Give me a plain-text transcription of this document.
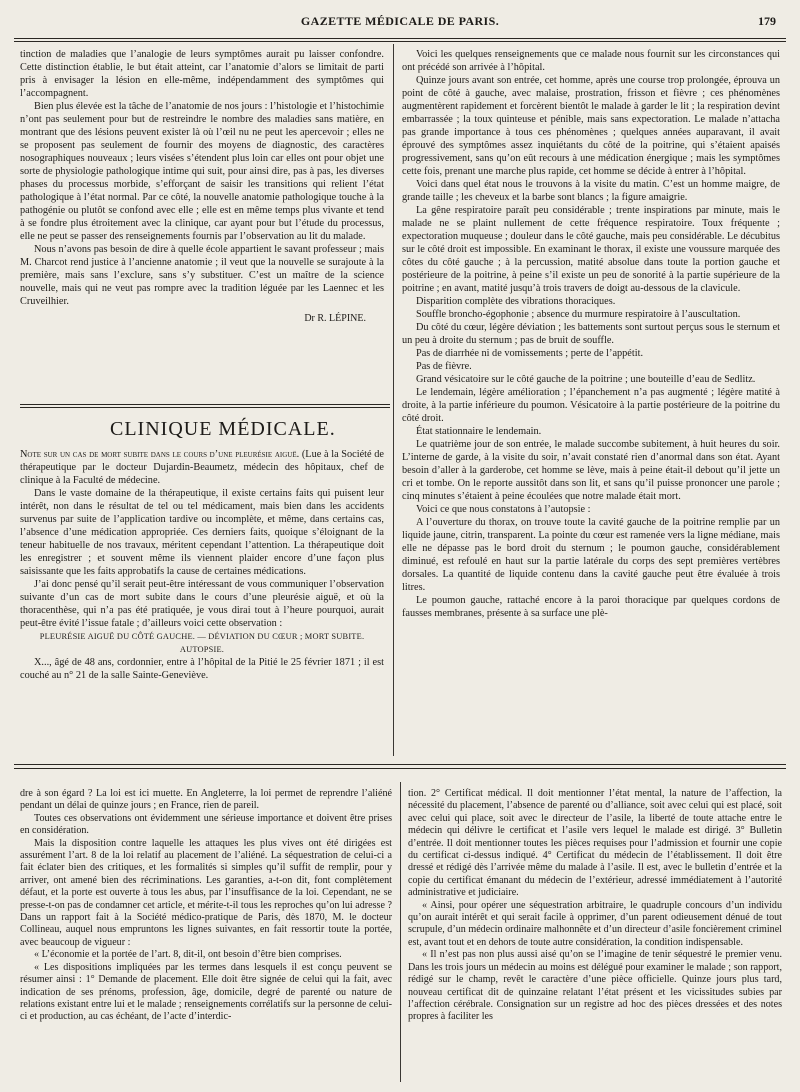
GAZETTE MÉDICALE DE PARIS.	179

tinction de maladies que l’analogie de leurs symptômes aurait pu laisser confondre. Cette distinction établie, le but était atteint, car l’anatomie d’alors se limitait de parti pris à envisager la lésion en elle-même, indépendamment des symptômes qui l’accompagnent.

Bien plus élevée est la tâche de l’anatomie de nos jours : l’histologie et l’histochimie n’ont pas seulement pour but de restreindre le nombre des maladies sans matière, en montrant que des lésions peuvent exister là où l’œil nu ne peut les apercevoir ; elles ne se proposent pas seulement de fournir des moyens de diagnostic, des caractères nosographiques nouveaux ; leurs visées s’étendent plus loin car elles ont pour objet une sorte de physiologie pathologique intime qui suit, pour ainsi dire, pas à pas, les diverses phases du processus morbide, s’efforçant de saisir les transitions qui relient l’état pathologique à l’état normal. Par ce côté, la nouvelle anatomie pathologique touche à la pathogénie ou plutôt se confond avec elle ; elle est en même temps plus vivante et tend à se fondre plus étroitement avec la clinique, car ayant pour but l’étude du processus, elle ne peut se passer des renseignements fournis par l’observation au lit du malade.

Nous n’avons pas besoin de dire à quelle école appartient le savant professeur ; mais M. Charcot rend justice à l’ancienne anatomie ; il veut que la nouvelle se surajoute à la première, mais sans l’exclure, sans s’y substituer. C’est un maître de la science nouvelle, mais qui ne veut pas rompre avec la tradition léguée par les Laennec et les Cruveilhier.

Dr R. LÉPINE.
CLINIQUE MÉDICALE.

Note sur un cas de mort subite dans le cours d’une pleurésie aiguë. (Lue à la Société de thérapeutique par le docteur Dujardin-Beaumetz, médecin des hôpitaux, chef de clinique à la Faculté de médecine.

Dans le vaste domaine de la thérapeutique, il existe certains faits qui puisent leur intérêt, non dans le résultat de tel ou tel médicament, mais bien dans les accidents survenus par suite de l’application tardive ou incomplète, et même, dans certains cas, l’absence d’une médication appropriée. Ces derniers faits, quoique s’éloignant de la teneur habituelle de nos travaux, méritent cependant l’attention. La thérapeutique doit les enregistrer ; et souvent même ils viennent plaider encore d’une façon plus saisissante que les faits approbatifs la cause de certaines médications.

J’ai donc pensé qu’il serait peut-être intéressant de vous communiquer l’observation suivante d’un cas de mort subite dans le cours d’une pleurésie aiguë, et où la thoracenthèse, qui n’a pas été pratiquée, je vous dirai tout à l’heure pourquoi, aurait peut-être évité l’issue fatale ; d’ailleurs voici cette observation :

PLEURÉSIE AIGUË DU CÔTÉ GAUCHE. — DÉVIATION DU CŒUR ; MORT SUBITE. AUTOPSIE.

X..., âgé de 48 ans, cordonnier, entre à l’hôpital de la Pitié le 25 février 1871 ; il est couché au n° 21 de la salle Sainte-Geneviève.

Voici les quelques renseignements que ce malade nous fournit sur les circonstances qui ont précédé son arrivée à l’hôpital.

Quinze jours avant son entrée, cet homme, après une course trop prolongée, éprouva un point de côté à gauche, avec malaise, prostration, frisson et fièvre ; ces phénomènes augmentèrent rapidement et forcèrent bientôt le malade à garder le lit ; la respiration devint embarrassée ; la toux quinteuse et pénible, mais sans expectoration. Le malade n’attacha pas grande importance à tous ces phénomènes ; quelques années auparavant, il avait éprouvé des symptômes assez inquiétants du côté de la poitrine, qui s’étaient apaisés progressivement, sans qu’on eût recours à une médication énergique ; mais les symptômes cette fois, prenant une marche plus rapide, cet homme se décide à entrer à l’hôpital.

Voici dans quel état nous le trouvons à la visite du matin. C’est un homme maigre, de grande taille ; les cheveux et la barbe sont blancs ; la figure amaigrie.

La gêne respiratoire paraît peu considérable ; trente inspirations par minute, mais le malade ne se plaint nullement de cette fréquence respiratoire. Toux fréquente ; expectoration muqueuse ; douleur dans le côté gauche, mais peu considérable. Le décubitus sur le côté droit est impossible. En examinant le thorax, il existe une voussure marquée des côtes du côté gauche ; à la percussion, matité absolue dans toute la portion gauche et postérieure de la poitrine, à peine s’il existe un peu de sonorité à la partie supérieure de la poitrine ; en avant, matité jusqu’à trois travers de doigt au-dessous de la clavicule.

Disparition complète des vibrations thoraciques.

Souffle broncho-égophonie ; absence du murmure respiratoire à l’auscultation.

Du côté du cœur, légère déviation ; les battements sont surtout perçus sous le sternum et un peu à droite du sternum ; pas de bruit de souffle.

Pas de diarrhée ni de vomissements ; perte de l’appétit.

Pas de fièvre.

Grand vésicatoire sur le côté gauche de la poitrine ; une bouteille d’eau de Sedlitz.

Le lendemain, légère amélioration ; l’épanchement n’a pas augmenté ; légère matité à droite, à la partie inférieure du poumon. Vésicatoire à la partie postérieure de la poitrine du côté droit.

État stationnaire le lendemain.

Le quatrième jour de son entrée, le malade succombe subitement, à huit heures du soir. L’interne de garde, à la visite du soir, n’avait constaté rien d’anormal dans son état. Ayant besoin d’aller à la garderobe, cet homme se lève, mais à peine était-il debout qu’il jette un cri et tombe. On le reporte aussitôt dans son lit, et sans qu’il puisse prononcer une parole ; cinq minutes s’étaient à peine écoulées que notre malade était mort.

Voici ce que nous constatons à l’autopsie :

A l’ouverture du thorax, on trouve toute la cavité gauche de la poitrine remplie par un liquide jaune, citrin, transparent. La pointe du cœur est ramenée vers la ligne médiane, mais elle ne dépasse pas le bord droit du sternum ; le poumon gauche, considérablement diminué, est refoulé en haut sur la partie latérale du corps des sept premières vertèbres dorsales. La quantité de liquide contenu dans la cavité gauche peut être évaluée à trois litres.

Le poumon gauche, rattaché encore à la paroi thoracique par quelques cordons de fausses membranes, présente à sa surface une plè-

dre à son égard ? La loi est ici muette. En Angleterre, la loi permet de reprendre l’aliéné pendant un délai de quinze jours ; en France, rien de pareil.

Toutes ces observations ont évidemment une sérieuse importance et doivent être prises en considération.

Mais la disposition contre laquelle les attaques les plus vives ont été dirigées est assurément l’art. 8 de la loi relatif au placement de l’aliéné. La séquestration de celui-ci a fait éclater bien des critiques, et les formalités si simples qu’il suffit de remplir, pour y arriver, ont amené bien des récriminations. Les garanties, a-t-on dit, font complètement défaut, et la porte est ouverte à tous les abus, par l’insuffisance de la loi. Cependant, ne se presse-t-on pas de condamner cet article, et mérite-t-il tous les reproches qu’on lui adresse ? Dans un rapport fait à la Société médico-pratique de Paris, dès 1870, M. le docteur Collineau, auquel nous empruntons les lignes suivantes, en fait ressortir toute la portée, avec beaucoup de vigueur :

« L’économie et la portée de l’art. 8, dit-il, ont besoin d’être bien comprises.

« Les dispositions impliquées par les termes dans lesquels il est conçu peuvent se résumer ainsi : 1° Demande de placement. Elle doit être signée de celui qui la fait, avec indication de ses prénoms, profession, âge, domicile, degré de parenté ou nature de relations existant entre lui et le malade ; renseignements corrélatifs sur la personne de celui-ci et production, au cas échéant, de l’acte d’interdic-

tion. 2° Certificat médical. Il doit mentionner l’état mental, la nature de l’affection, la nécessité du placement, l’absence de parenté ou d’alliance, soit avec celui qui est placé, soit avec celui qui place, soit avec le directeur de l’asile, la liberté de toute attache entre le médecin qui délivre le certificat et l’asile vers lequel le malade est dirigé. 3° Bulletin d’entrée. Il doit mentionner toutes les pièces requises pour l’admission et fournir une copie du certificat ci-dessus indiqué. 4° Certificat du médecin de l’établissement. Il doit être dressé et rédigé dès l’arrivée même du malade à l’asile. Il est, avec le bulletin d’entrée et la copie du certificat émanant du médecin de l’extérieur, adressé immédiatement à l’autorité administrative et judiciaire.

« Ainsi, pour opérer une séquestration arbitraire, le quadruple concours d’un individu qu’on aurait intérêt et qui serait facile à opprimer, d’un parent odieusement dénué de tout scrupule, d’un médecin ordinaire malhonnête et d’un directeur d’asile foncièrement criminel est, avant tout et en dehors de toute autre considération, la condition indispensable.

« Il n’est pas non plus aussi aisé qu’on se l’imagine de tenir séquestré le premier venu. Dans les trois jours un médecin au moins est délégué pour examiner le malade ; son rapport, rédigé sur le champ, revêt le caractère d’une pièce officielle. Quinze jours plus tard, nouveau certificat dit de quinzaine relatant l’état présent et les vicissitudes subies par l’affection cérébrale. Consignation sur un registre ad hoc des pièces dressées et des notes propres à faciliter les
